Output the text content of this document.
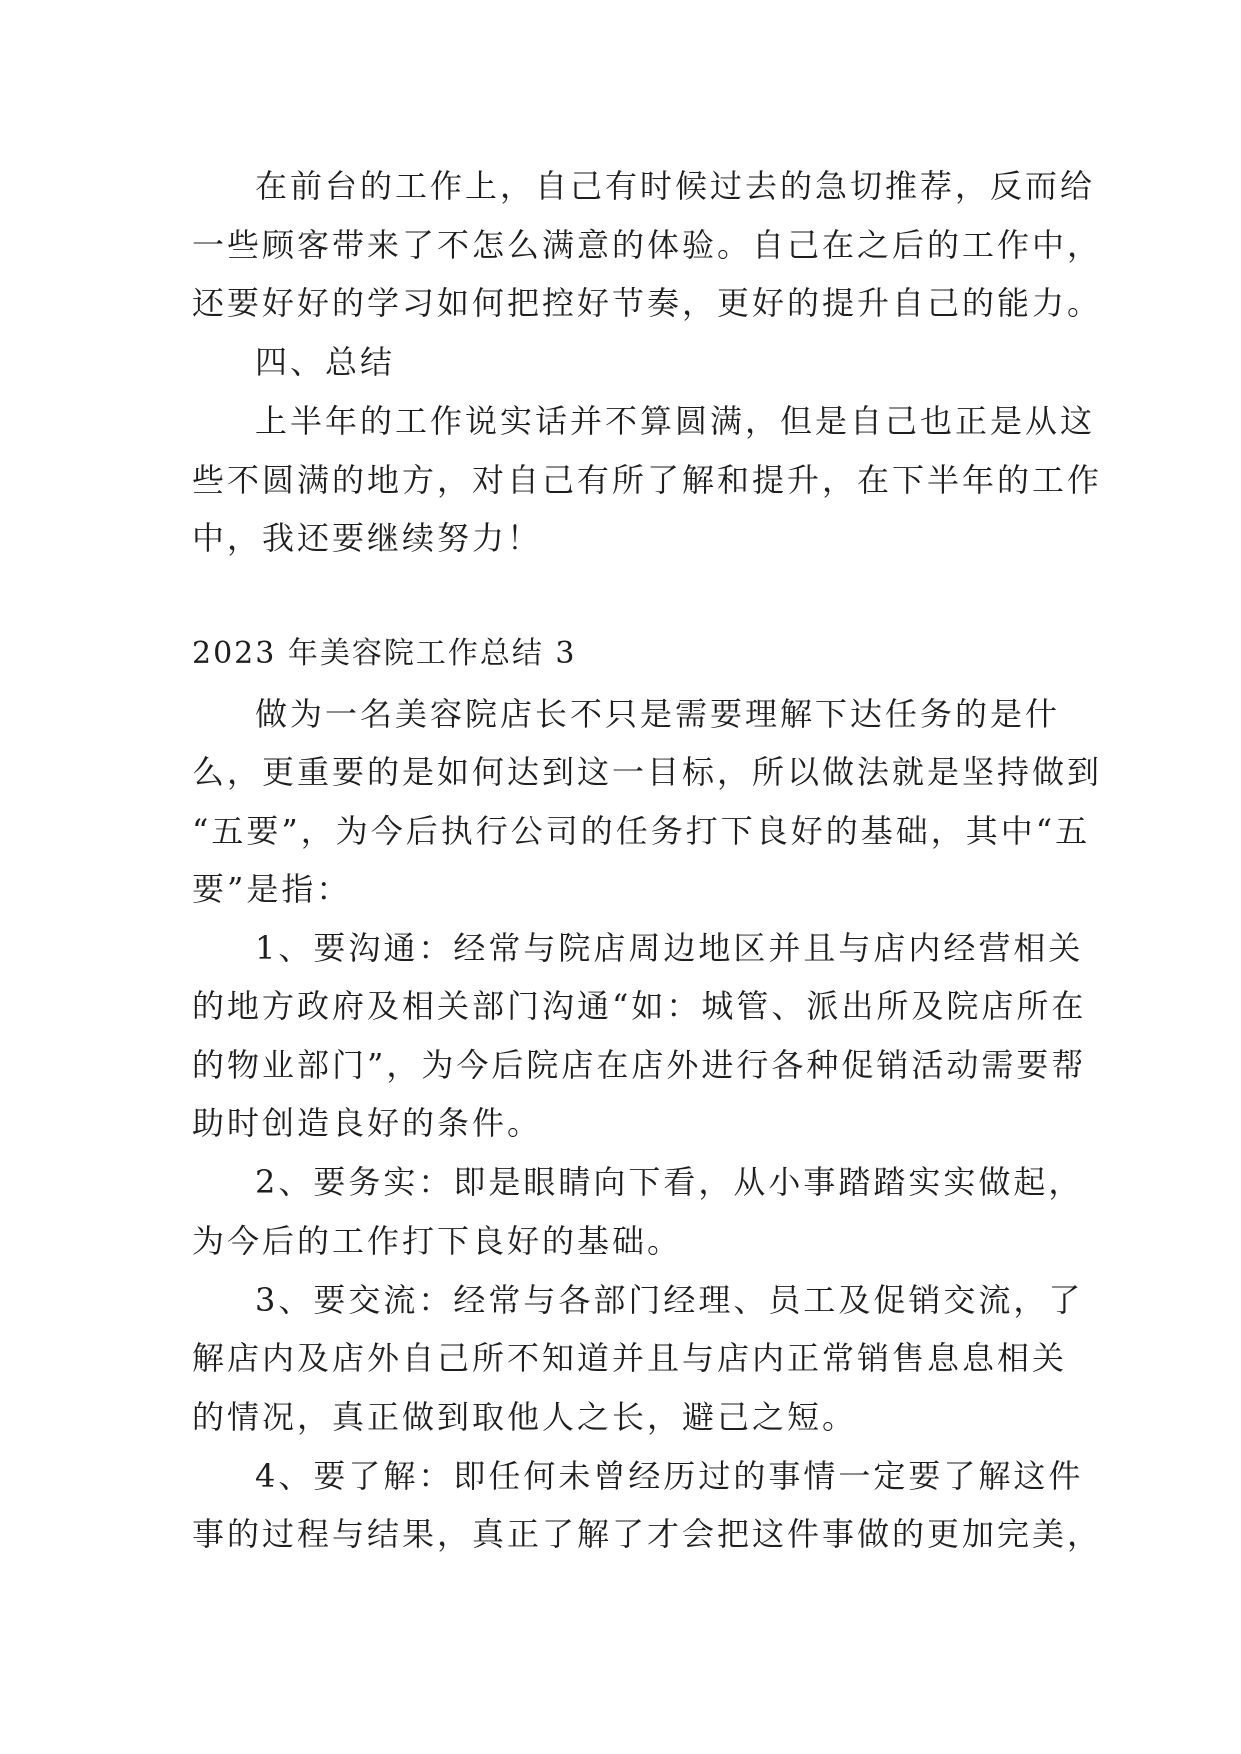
在前台的工作上，自己有时候过去的急切推荐，反而给
一些顾客带来了不怎么满意的体验。自己在之后的工作中，
还要好好的学习如何把控好节奏，更好的提升自己的能力。
四、总结
上半年的工作说实话并不算圆满，但是自己也正是从这
些不圆满的地方，对自己有所了解和提升，在下半年的工作
中，我还要继续努力！
2023 年美容院工作总结 3
做为一名美容院店长不只是需要理解下达任务的是什
么，更重要的是如何达到这一目标，所以做法就是坚持做到
“五要”，为今后执行公司的任务打下良好的基础，其中“五
要”是指：
1、要沟通：经常与院店周边地区并且与店内经营相关
的地方政府及相关部门沟通“如：城管、派出所及院店所在
的物业部门”，为今后院店在店外进行各种促销活动需要帮
助时创造良好的条件。
2、要务实：即是眼睛向下看，从小事踏踏实实做起，
为今后的工作打下良好的基础。
3、要交流：经常与各部门经理、员工及促销交流，了
解店内及店外自己所不知道并且与店内正常销售息息相关
的情况，真正做到取他人之长，避己之短。
4、要了解：即任何未曾经历过的事情一定要了解这件
事的过程与结果，真正了解了才会把这件事做的更加完美，
